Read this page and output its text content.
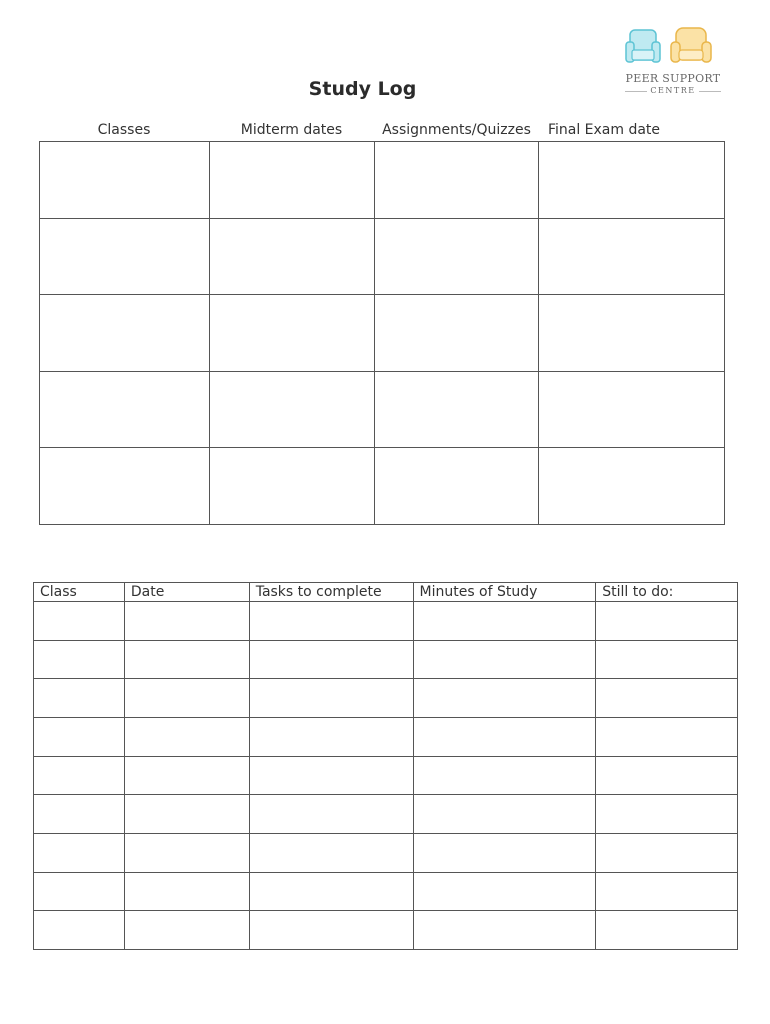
PEER SUPPORT
CENTRE
Study Log
Classes	Midterm dates	Assignments/Quizzes	Final Exam date

Class	Date	Tasks to complete	Minutes of Study	Still to do:
